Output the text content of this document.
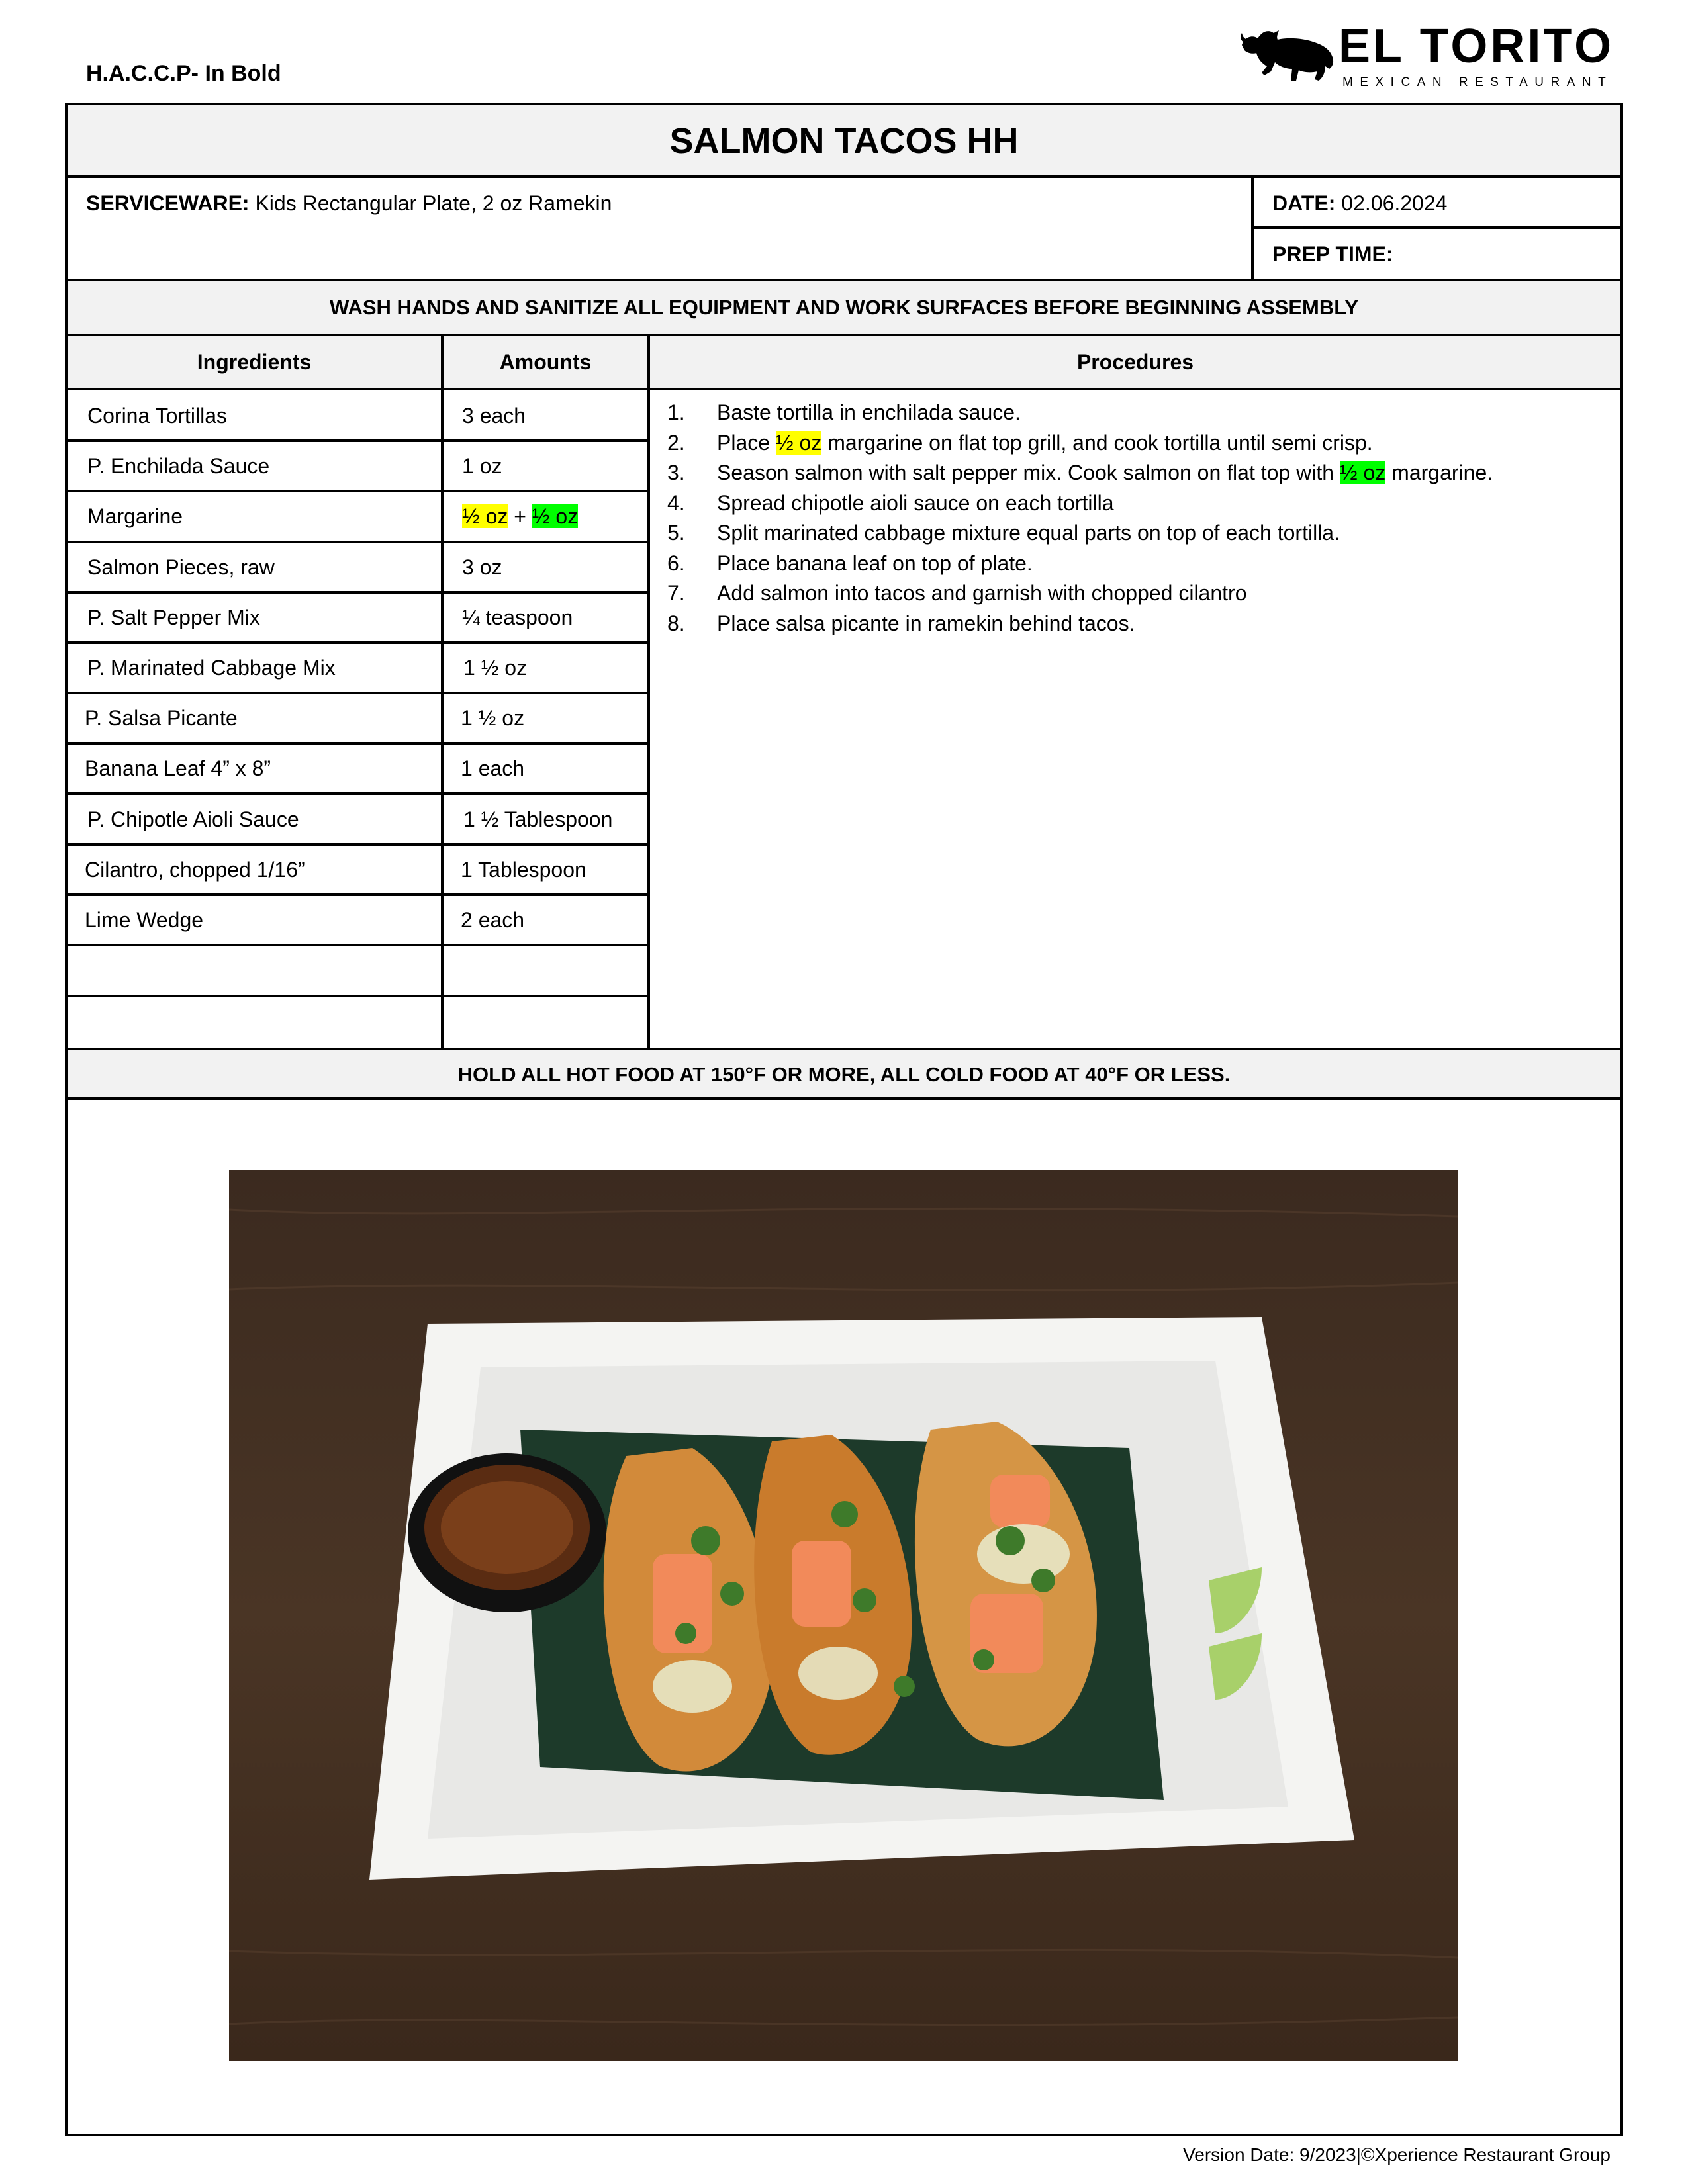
H.A.C.C.P- In Bold
EL TORITO
MEXICAN RESTAURANT
SALMON TACOS HH
WASH HANDS AND SANITIZE ALL EQUIPMENT AND WORK SURFACES BEFORE BEGINNING ASSEMBLY
HOLD ALL HOT FOOD AT 150°F OR MORE, ALL COLD FOOD AT 40°F OR LESS.
Ingredients	Amounts	Procedures
SERVICEWARE: Kids Rectangular Plate, 2 oz Ramekin	DATE: 02.06.2024
PREP TIME:
Corina Tortillas	3 each
P. Enchilada Sauce	1 oz
Margarine	½ oz + ½ oz
Salmon Pieces, raw	3 oz
P. Salt Pepper Mix	¼ teaspoon
P. Marinated Cabbage Mix	1 ½ oz
P. Salsa Picante	1 ½ oz
Banana Leaf 4” x 8”	1 each
P. Chipotle Aioli Sauce	1 ½ Tablespoon
Cilantro, chopped 1/16”	1 Tablespoon
Lime Wedge	2 each
1.	Baste tortilla in enchilada sauce.
2.	Place ½ oz margarine on flat top grill, and cook tortilla until semi crisp.
3.	Season salmon with salt pepper mix. Cook salmon on flat top with ½ oz margarine.
4.	Spread chipotle aioli sauce on each tortilla
5.	Split marinated cabbage mixture equal parts on top of each tortilla.
6.	Place banana leaf on top of plate.
7.	Add salmon into tacos and garnish with chopped cilantro
8.	Place salsa picante in ramekin behind tacos.
Version Date: 9/2023|©Xperience Restaurant Group
